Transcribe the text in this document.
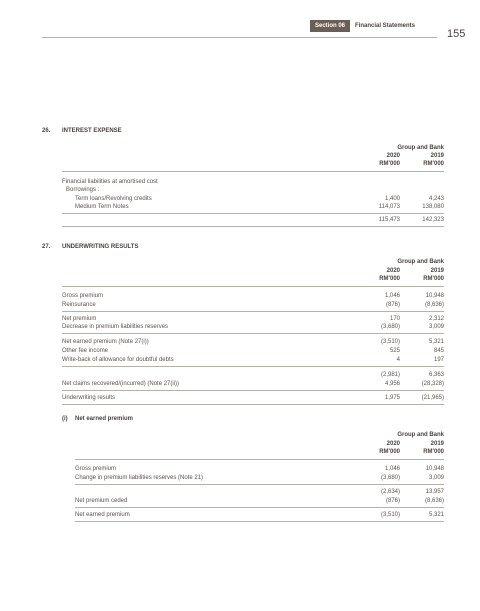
Section 06	Financial Statements
155
26. INTEREST EXPENSE
Group and Bank
2020	2019
RM'000	RM'000
Financial liabilities at amortised cost
Borrowings :
Term loans/Revolving credits	1,400	4,243
Medium Term Notes	114,073	138,080
115,473	142,323
27. UNDERWRITING RESULTS
Group and Bank
2020	2019
RM'000	RM'000
Gross premium	1,046	10,948
Reinsurance	(876)	(8,636)
Net premium	170	2,312
Decrease in premium liabilities reserves	(3,680)	3,009
Net earned premium (Note 27(i))	(3,510)	5,321
Other fee income	525	845
Write-back of allowance for doubtful debts	4	197
(2,981)	6,363
Net claims recovered/(incurred) (Note 27(ii))	4,956	(28,328)
Underwriting results	1,975	(21,965)
(i) Net earned premium
Group and Bank
2020	2019
RM'000	RM'000
Gross premium	1,046	10,948
Change in premium liabilities reserves (Note 21)	(3,680)	3,009
(2,634)	13,957
Net premium ceded	(876)	(8,636)
Net earned premium	(3,510)	5,321
